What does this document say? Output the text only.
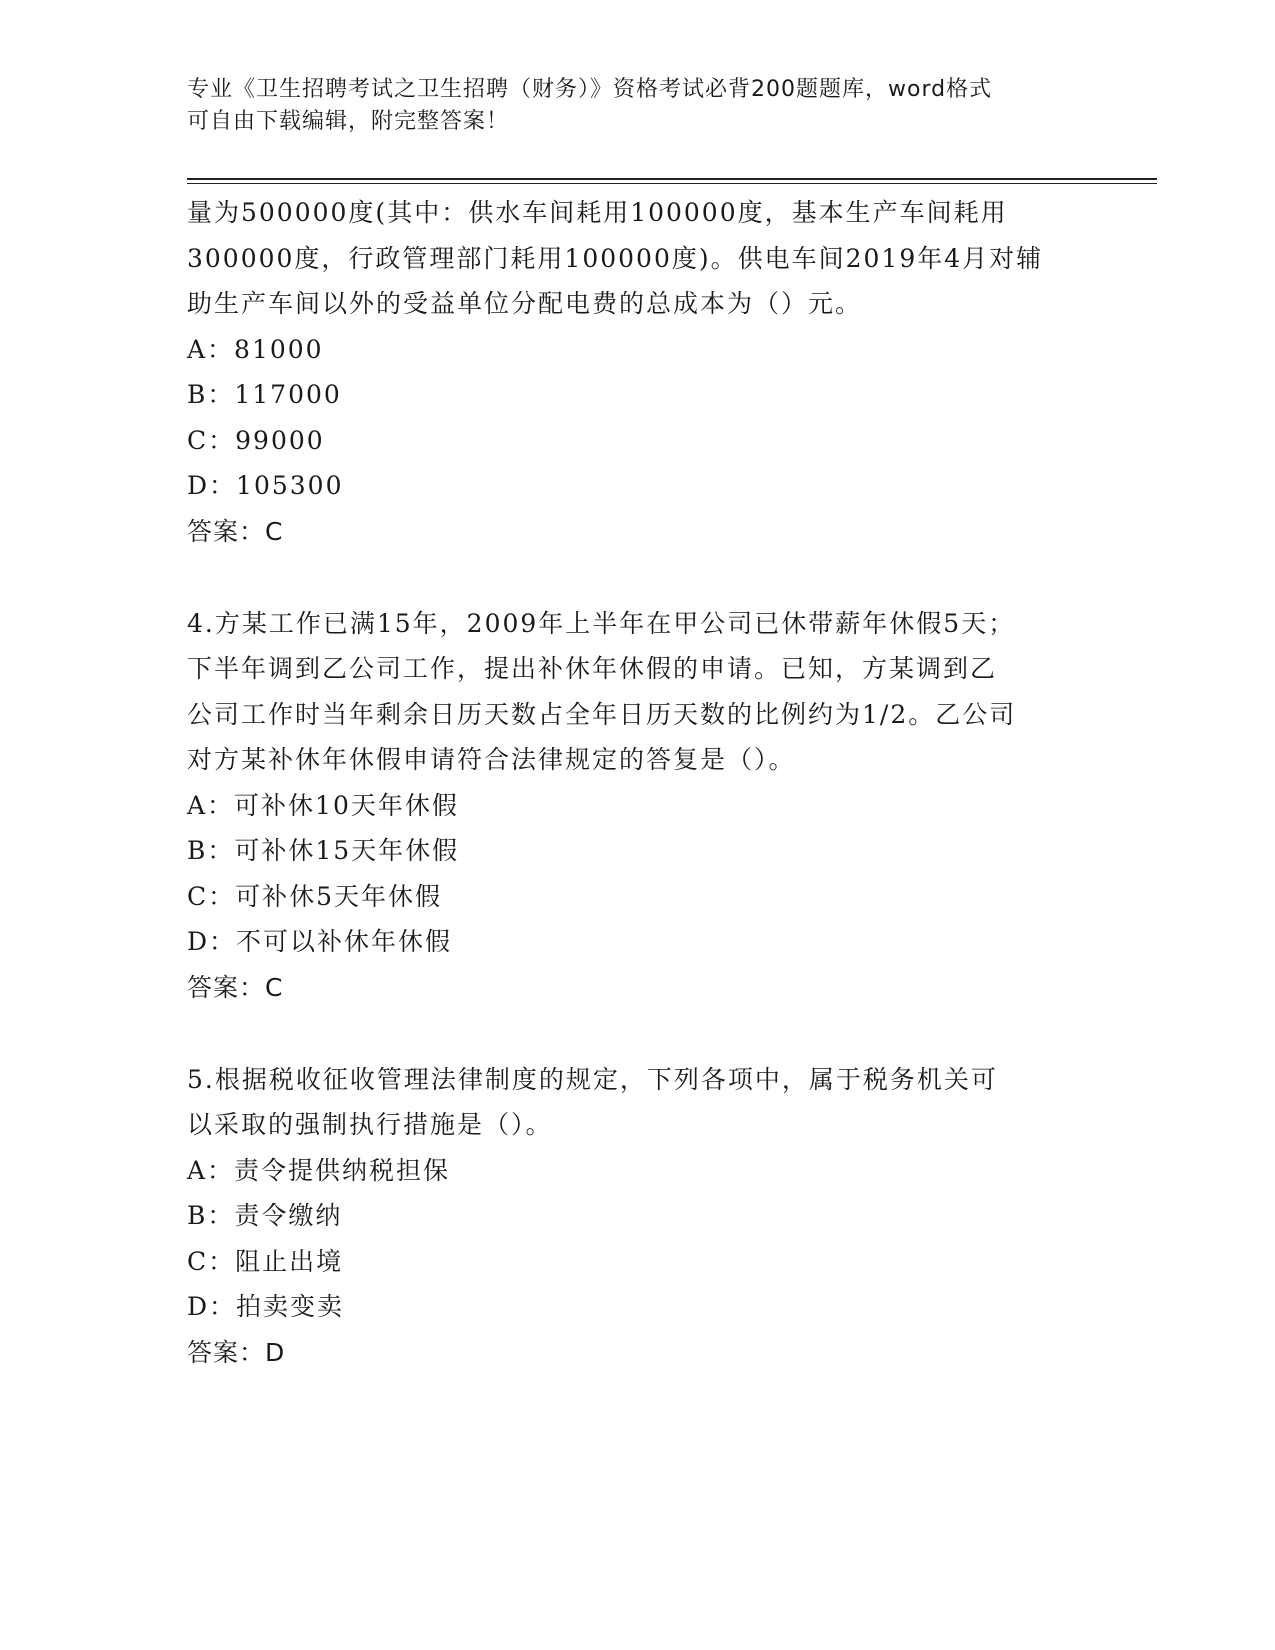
专业《卫生招聘考试之卫生招聘（财务）》资格考试必背200题题库，word格式
可自由下载编辑，附完整答案！
量为500000度(其中：供水车间耗用100000度，基本生产车间耗用
300000度，行政管理部门耗用100000度)。供电车间2019年4月对辅
助生产车间以外的受益单位分配电费的总成本为（）元。
A：81000
B：117000
C：99000
D：105300
答案：C
4.方某工作已满15年，2009年上半年在甲公司已休带薪年休假5天；
下半年调到乙公司工作，提出补休年休假的申请。已知，方某调到乙
公司工作时当年剩余日历天数占全年日历天数的比例约为1/2。乙公司
对方某补休年休假申请符合法律规定的答复是（）。
A：可补休10天年休假
B：可补休15天年休假
C：可补休5天年休假
D：不可以补休年休假
答案：C
5.根据税收征收管理法律制度的规定，下列各项中，属于税务机关可
以采取的强制执行措施是（）。
A：责令提供纳税担保
B：责令缴纳
C：阻止出境
D：拍卖变卖
答案：D
